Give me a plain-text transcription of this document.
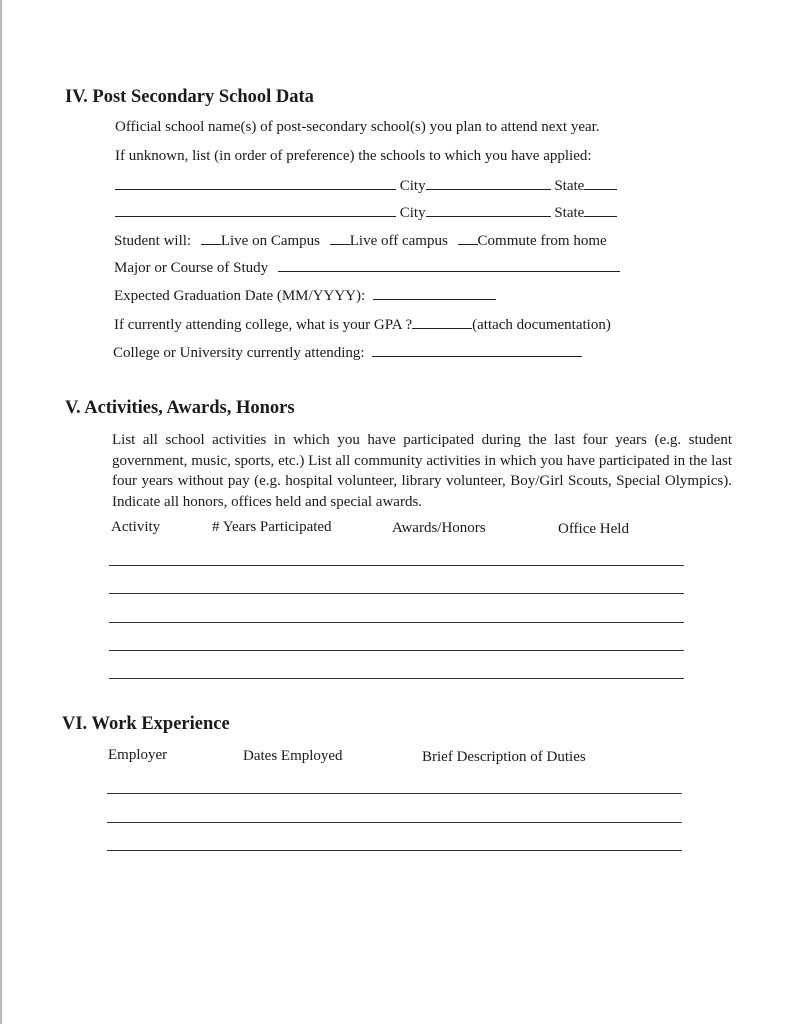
IV. Post Secondary School Data
Official school name(s) of post-secondary school(s) you plan to attend next year.
If unknown, list (in order of preference) the schools to which you have applied:
City	State
City	State
Student will: Live on Campus Live off campus Commute from home
Major or Course of Study
Expected Graduation Date (MM/YYYY):
If currently attending college, what is your GPA ?	(attach documentation)
College or University currently attending:
V. Activities, Awards, Honors
List all school activities in which you have participated during the last four years (e.g. student government, music, sports, etc.) List all community activities in which you have participated in the last four years without pay (e.g. hospital volunteer, library volunteer, Boy/Girl Scouts, Special Olympics). Indicate all honors, offices held and special awards.
Activity	# Years Participated	Awards/Honors	Office Held
VI. Work Experience
Employer	Dates Employed	Brief Description of Duties
